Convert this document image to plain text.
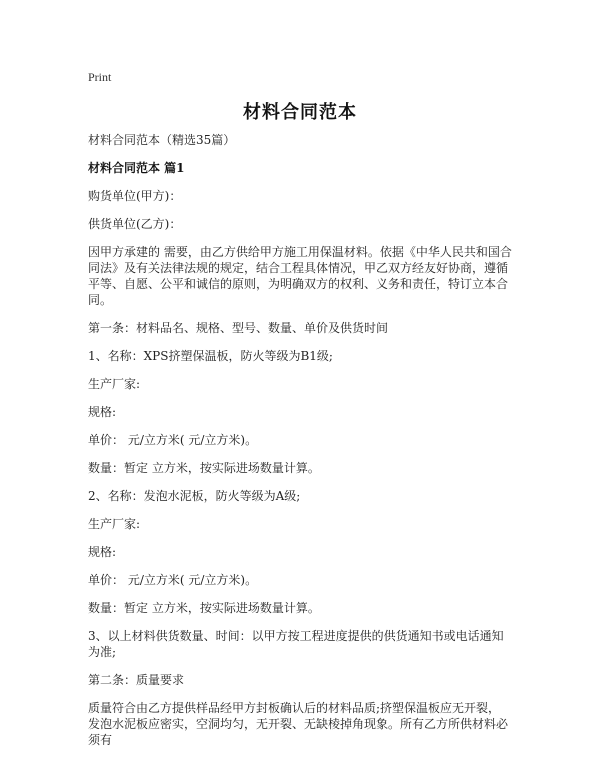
Print
材料合同范本

材料合同范本（精选35篇）

材料合同范本 篇1

购货单位(甲方)：

供货单位(乙方)：

因甲方承建的 需要，由乙方供给甲方施工用保温材料。依据《中华人民共和国合同法》及有关法律法规的规定，结合工程具体情况，甲乙双方经友好协商，遵循平等、自愿、公平和诚信的原则，为明确双方的权利、义务和责任，特订立本合同。

第一条：材料品名、规格、型号、数量、单价及供货时间

1、名称：XPS挤塑保温板，防火等级为B1级;

生产厂家:

规格:

单价： 元/立方米( 元/立方米)。

数量：暂定 立方米，按实际进场数量计算。

2、名称：发泡水泥板，防火等级为A级;

生产厂家:

规格:

单价： 元/立方米( 元/立方米)。

数量：暂定 立方米，按实际进场数量计算。

3、以上材料供货数量、时间：以甲方按工程进度提供的供货通知书或电话通知为准;

第二条：质量要求

质量符合由乙方提供样品经甲方封板确认后的材料品质;挤塑保温板应无开裂，发泡水泥板应密实，空洞均匀，无开裂、无缺棱掉角现象。所有乙方所供材料必须有
